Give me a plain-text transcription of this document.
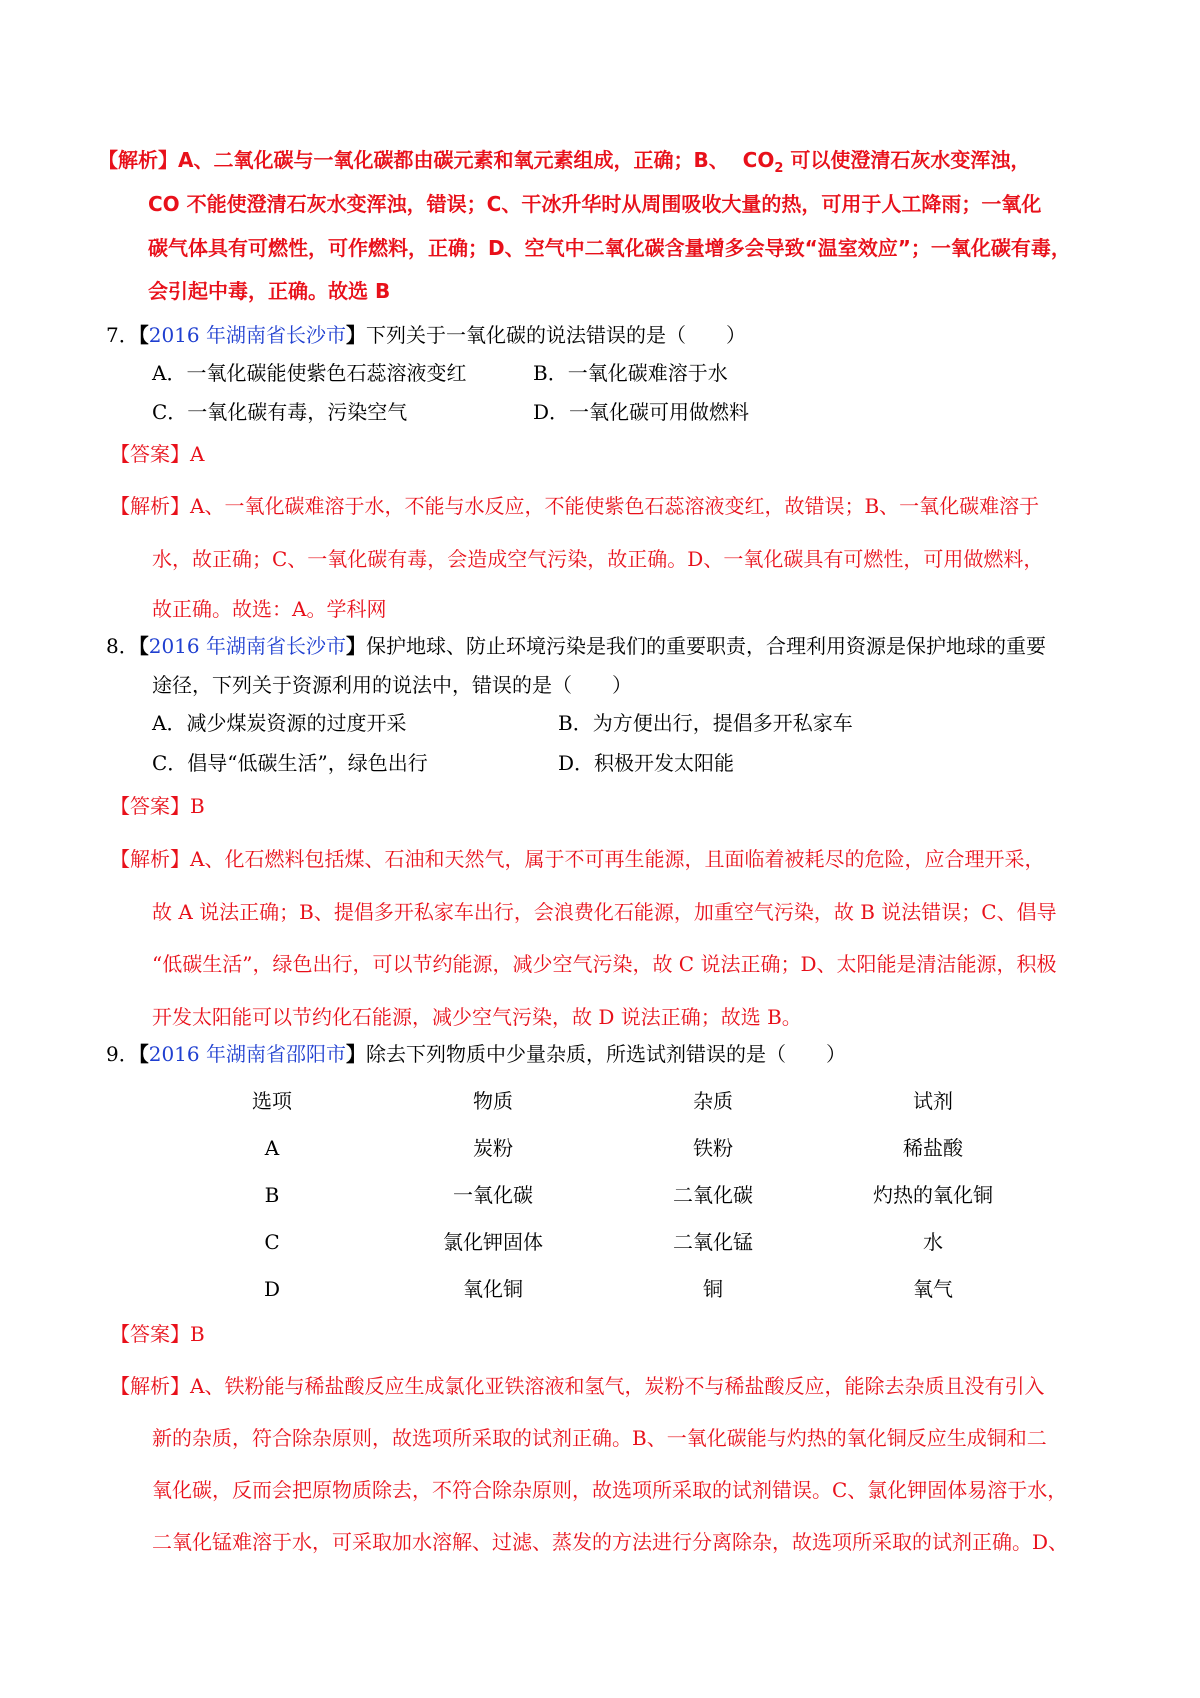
【解析】A、二氧化碳与一氧化碳都由碳元素和氧元素组成，正确；B、 $CO_2$ 可以使澄清石灰水变浑浊，
CO 不能使澄清石灰水变浑浊，错误；C、干冰升华时从周围吸收大量的热，可用于人工降雨；一氧化
碳气体具有可燃性，可作燃料，正确；D、空气中二氧化碳含量增多会导致“温室效应”；一氧化碳有毒，
会引起中毒，正确。故选 B
7．【2016 年湖南省长沙市】下列关于一氧化碳的说法错误的是（　　）
A．一氧化碳能使紫色石蕊溶液变红	B．一氧化碳难溶于水
C．一氧化碳有毒，污染空气	D．一氧化碳可用做燃料
【答案】A
【解析】A、一氧化碳难溶于水，不能与水反应，不能使紫色石蕊溶液变红，故错误；B、一氧化碳难溶于
水，故正确；C、一氧化碳有毒，会造成空气污染，故正确。D、一氧化碳具有可燃性，可用做燃料，
故正确。故选：A。学科网
8．【2016 年湖南省长沙市】保护地球、防止环境污染是我们的重要职责，合理利用资源是保护地球的重要
途径，下列关于资源利用的说法中，错误的是（　　）
A．减少煤炭资源的过度开采	B．为方便出行，提倡多开私家车
C．倡导“低碳生活”，绿色出行	D．积极开发太阳能
【答案】B
【解析】A、化石燃料包括煤、石油和天然气，属于不可再生能源，且面临着被耗尽的危险，应合理开采，
故 A 说法正确；B、提倡多开私家车出行，会浪费化石能源，加重空气污染，故 B 说法错误；C、倡导
“低碳生活”，绿色出行，可以节约能源，减少空气污染，故 C 说法正确；D、太阳能是清洁能源，积极
开发太阳能可以节约化石能源，减少空气污染，故 D 说法正确；故选 B。
9．【2016 年湖南省邵阳市】除去下列物质中少量杂质，所选试剂错误的是（　　）
选项	物质	杂质	试剂
A	炭粉	铁粉	稀盐酸
B	一氧化碳	二氧化碳	灼热的氧化铜
C	氯化钾固体	二氧化锰	水
D	氧化铜	铜	氧气
【答案】B
【解析】A、铁粉能与稀盐酸反应生成氯化亚铁溶液和氢气，炭粉不与稀盐酸反应，能除去杂质且没有引入
新的杂质，符合除杂原则，故选项所采取的试剂正确。B、一氧化碳能与灼热的氧化铜反应生成铜和二
氧化碳，反而会把原物质除去，不符合除杂原则，故选项所采取的试剂错误。C、氯化钾固体易溶于水，
二氧化锰难溶于水，可采取加水溶解、过滤、蒸发的方法进行分离除杂，故选项所采取的试剂正确。D、
